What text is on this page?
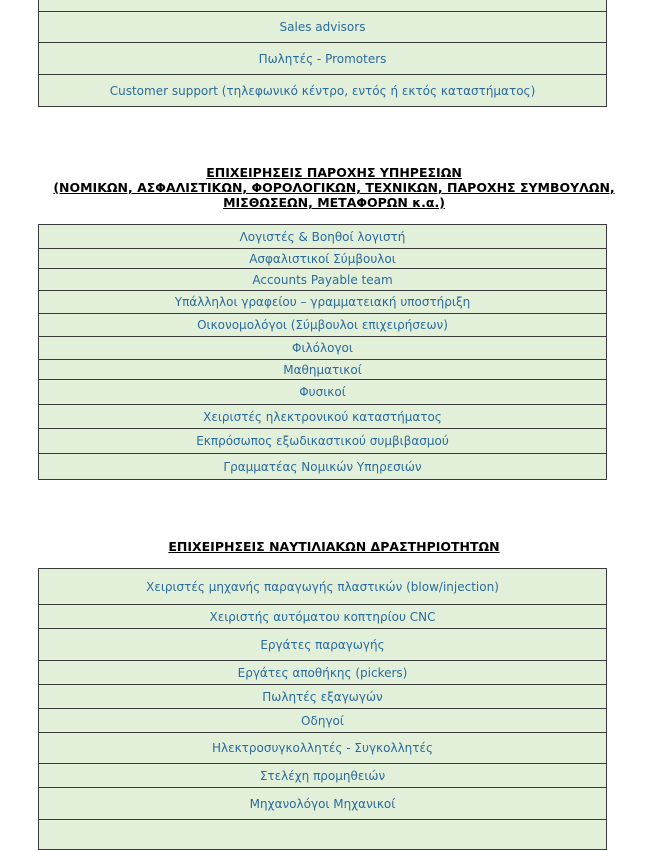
Sales advisors
Πωλητές - Promoters
Customer support (τηλεφωνικό κέντρο, εντός ή εκτός καταστήματος)
ΕΠΙΧΕΙΡΗΣΕΙΣ ΠΑΡΟΧΗΣ ΥΠΗΡΕΣΙΩΝ
(ΝΟΜΙΚΩΝ, ΑΣΦΑΛΙΣΤΙΚΩΝ, ΦΟΡΟΛΟΓΙΚΩΝ, ΤΕΧΝΙΚΩΝ, ΠΑΡΟΧΗΣ ΣΥΜΒΟΥΛΩΝ,
ΜΙΣΘΩΣΕΩΝ, ΜΕΤΑΦΟΡΩΝ κ.α.)
Λογιστές & Βοηθοί λογιστή
Ασφαλιστικοί Σύμβουλοι
Accounts Payable team
Υπάλληλοι γραφείου – γραμματειακή υποστήριξη
Οικονομολόγοι (Σύμβουλοι επιχειρήσεων)
Φιλόλογοι
Μαθηματικοί
Φυσικοί
Χειριστές ηλεκτρονικού καταστήματος
Εκπρόσωπος εξωδικαστικού συμβιβασμού
Γραμματέας Νομικών Υπηρεσιών
ΕΠΙΧΕΙΡΗΣΕΙΣ ΝΑΥΤΙΛΙΑΚΩΝ ΔΡΑΣΤΗΡΙΟΤΗΤΩΝ
Χειριστές μηχανής παραγωγής πλαστικών (blow/injection)
Χειριστής αυτόματου κοπτηρίου CNC
Εργάτες παραγωγής
Εργάτες αποθήκης (pickers)
Πωλητές εξαγωγών
Οδηγοί
Ηλεκτροσυγκολλητές - Συγκολλητές
Στελέχη προμηθειών
Μηχανολόγοι Μηχανικοί
